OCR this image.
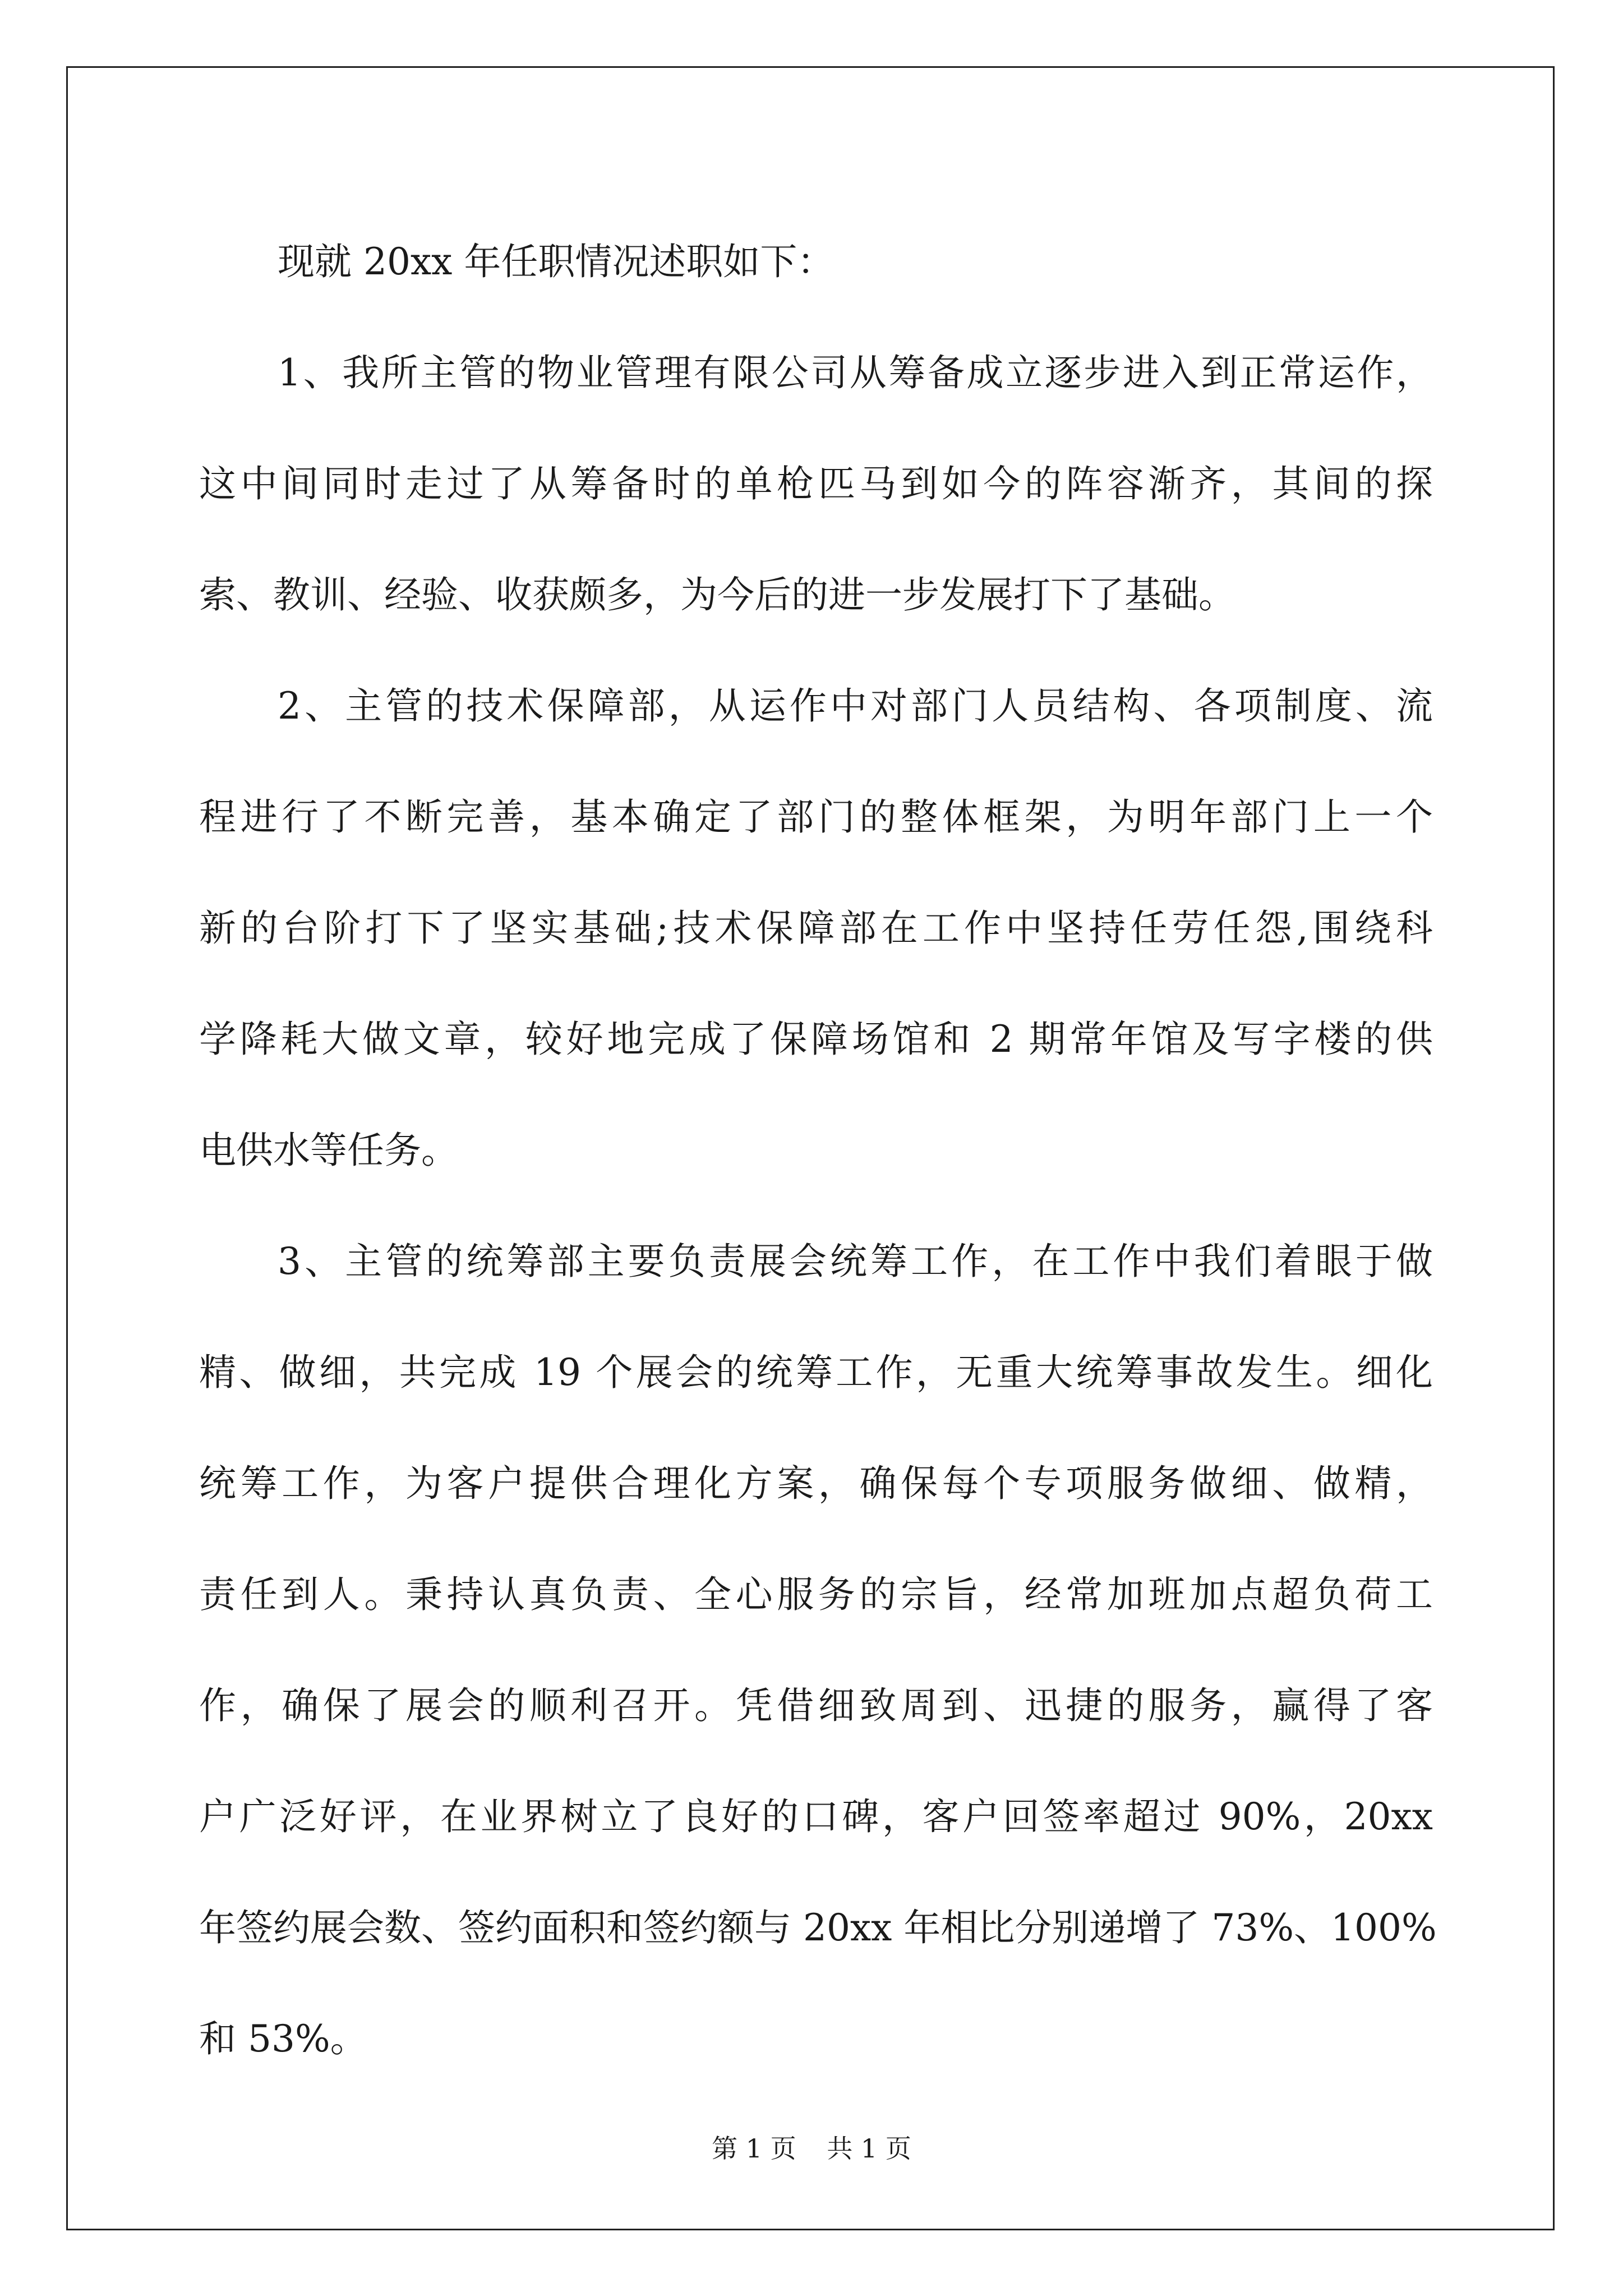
现就 20xx 年任职情况述职如下：
1、我所主管的物业管理有限公司从筹备成立逐步进入到正常运作，
这中间同时走过了从筹备时的单枪匹马到如今的阵容渐齐，其间的探
索、教训、经验、收获颇多，为今后的进一步发展打下了基础。
2、主管的技术保障部，从运作中对部门人员结构、各项制度、流
程进行了不断完善，基本确定了部门的整体框架，为明年部门上一个
新的台阶打下了坚实基础;技术保障部在工作中坚持任劳任怨,围绕科
学降耗大做文章，较好地完成了保障场馆和 2 期常年馆及写字楼的供
电供水等任务。
3、主管的统筹部主要负责展会统筹工作，在工作中我们着眼于做
精、做细，共完成 19 个展会的统筹工作，无重大统筹事故发生。细化
统筹工作，为客户提供合理化方案，确保每个专项服务做细、做精，
责任到人。秉持认真负责、全心服务的宗旨，经常加班加点超负荷工
作，确保了展会的顺利召开。凭借细致周到、迅捷的服务，赢得了客
户广泛好评，在业界树立了良好的口碑，客户回签率超过 90%，20xx
年签约展会数、签约面积和签约额与 20xx 年相比分别递增了 73%、100%
和 53%。
第 1 页 共 1 页
